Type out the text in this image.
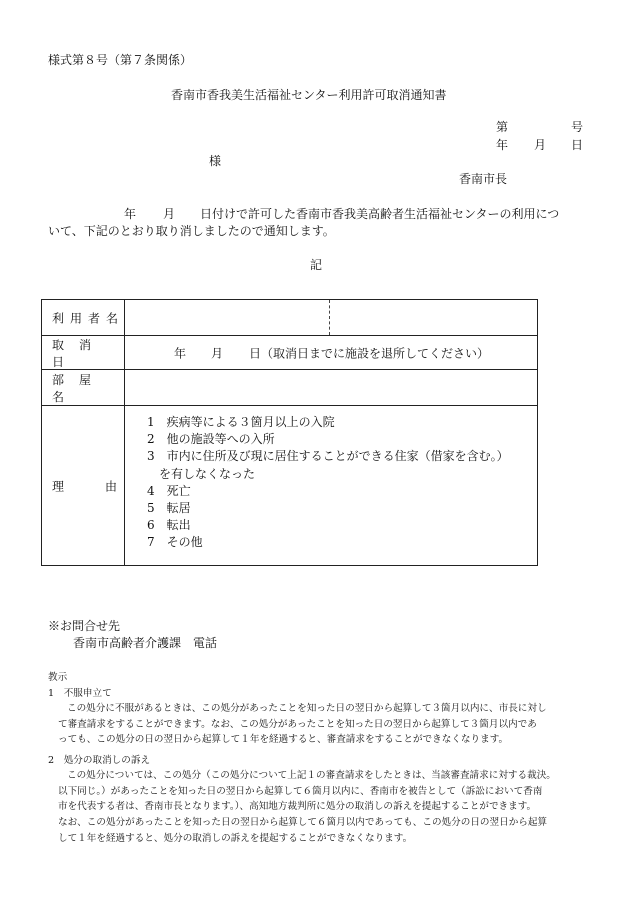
様式第８号（第７条関係）
香南市香我美生活福祉センター利用許可取消通知書
第	号
年 月 日
様
香南市長
年 月 日付けで許可した香南市香我美高齢者生活福祉センターの利用につ
いて、下記のとおり取り消しましたので通知します。
記
利用者名
取消日
年 月 日（取消日までに施設を退所してください）
部屋名
理	由
1　疾病等による３箇月以上の入院
2　他の施設等への入所
3　市内に住所及び現に居住することができる住家（借家を含む。）
　を有しなくなった
4　死亡
5　転居
6　転出
7　その他
※お問合せ先
香南市高齢者介護課　電話
教示
1　不服申立て
この処分に不服があるときは、この処分があったことを知った日の翌日から起算して３箇月以内に、市長に対し
て審査請求をすることができます。なお、この処分があったことを知った日の翌日から起算して３箇月以内であ
っても、この処分の日の翌日から起算して１年を経過すると、審査請求をすることができなくなります。
2　処分の取消しの訴え
この処分については、この処分（この処分について上記１の審査請求をしたときは、当該審査請求に対する裁決。
以下同じ。）があったことを知った日の翌日から起算して６箇月以内に、香南市を被告として（訴訟において香南
市を代表する者は、香南市長となります。）、高知地方裁判所に処分の取消しの訴えを提起することができます。
なお、この処分があったことを知った日の翌日から起算して６箇月以内であっても、この処分の日の翌日から起算
して１年を経過すると、処分の取消しの訴えを提起することができなくなります。
